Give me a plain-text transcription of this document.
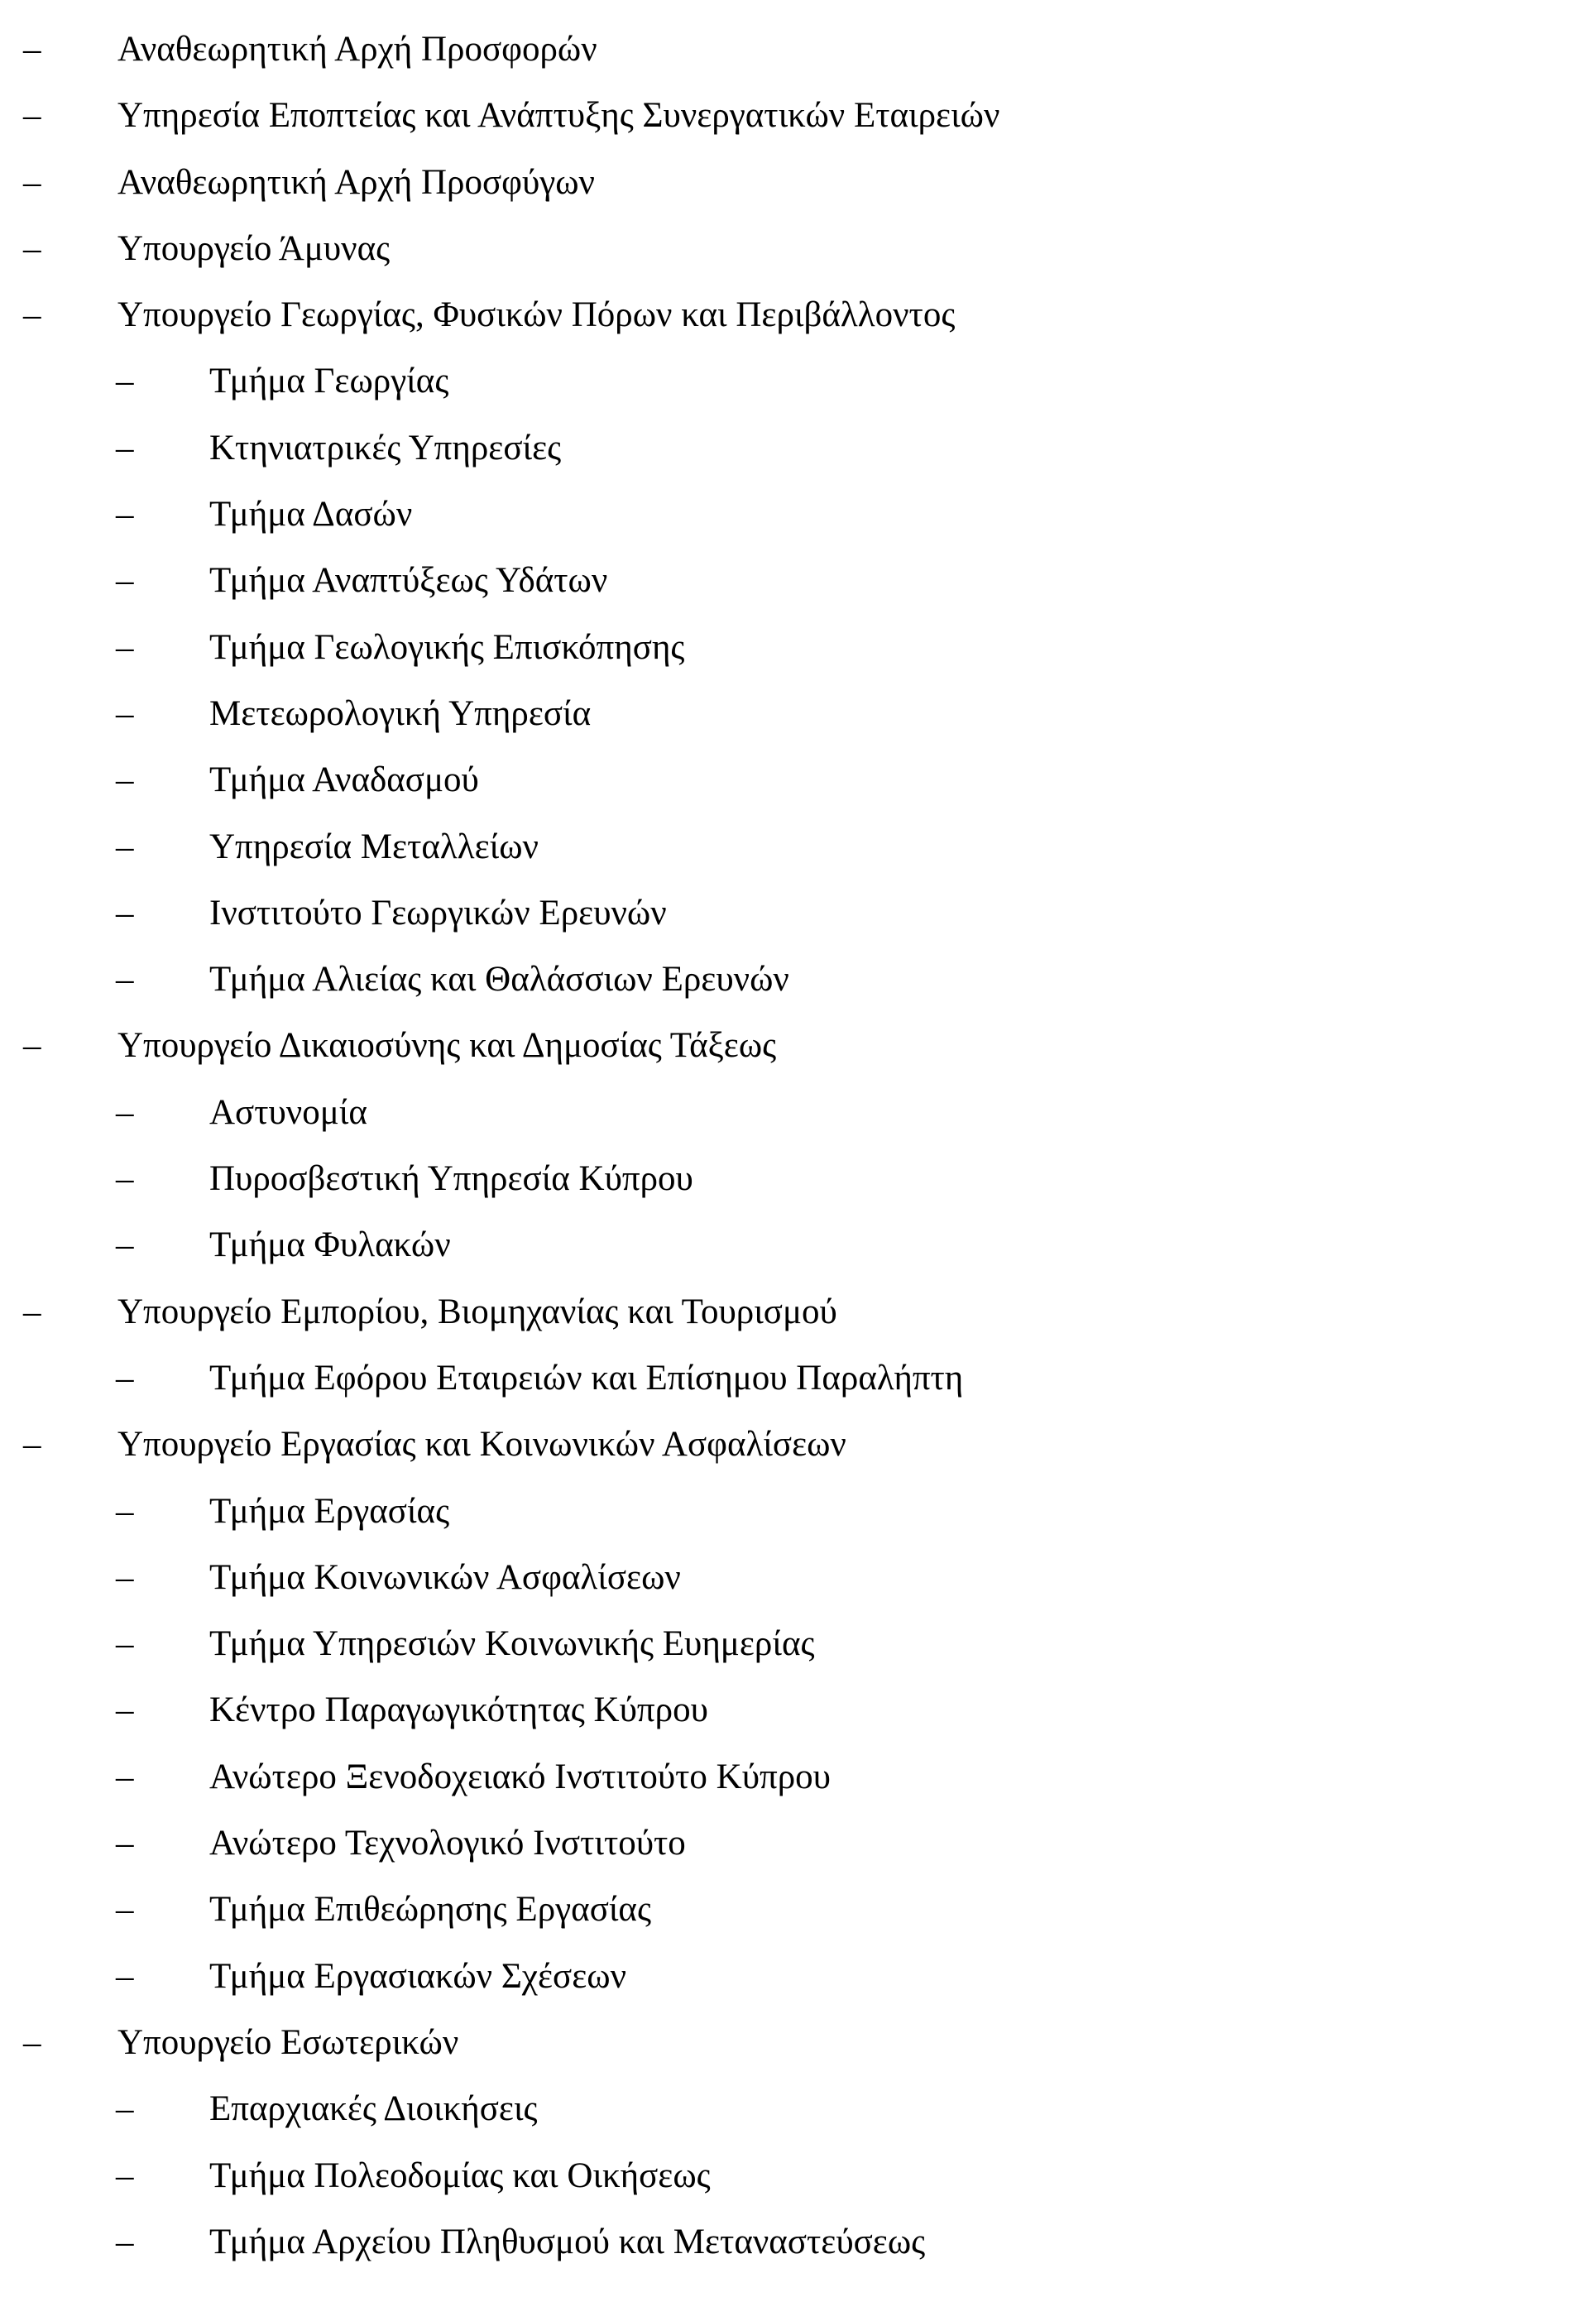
– Αναθεωρητική Αρχή Προσφορών
– Υπηρεσία Εποπτείας και Ανάπτυξης Συνεργατικών Εταιρειών
– Αναθεωρητική Αρχή Προσφύγων
– Υπουργείο Άμυνας
– Υπουργείο Γεωργίας, Φυσικών Πόρων και Περιβάλλοντος
– Τμήμα Γεωργίας
– Κτηνιατρικές Υπηρεσίες
– Τμήμα Δασών
– Τμήμα Αναπτύξεως Υδάτων
– Τμήμα Γεωλογικής Επισκόπησης
– Μετεωρολογική Υπηρεσία
– Τμήμα Αναδασμού
– Υπηρεσία Μεταλλείων
– Ινστιτούτο Γεωργικών Ερευνών
– Τμήμα Αλιείας και Θαλάσσιων Ερευνών
– Υπουργείο Δικαιοσύνης και Δημοσίας Τάξεως
– Αστυνομία
– Πυροσβεστική Υπηρεσία Κύπρου
– Τμήμα Φυλακών
– Υπουργείο Εμπορίου, Βιομηχανίας και Τουρισμού
– Τμήμα Εφόρου Εταιρειών και Επίσημου Παραλήπτη
– Υπουργείο Εργασίας και Κοινωνικών Ασφαλίσεων
– Τμήμα Εργασίας
– Τμήμα Κοινωνικών Ασφαλίσεων
– Τμήμα Υπηρεσιών Κοινωνικής Ευημερίας
– Κέντρο Παραγωγικότητας Κύπρου
– Ανώτερο Ξενοδοχειακό Ινστιτούτο Κύπρου
– Ανώτερο Τεχνολογικό Ινστιτούτο
– Τμήμα Επιθεώρησης Εργασίας
– Τμήμα Εργασιακών Σχέσεων
– Υπουργείο Εσωτερικών
– Επαρχιακές Διοικήσεις
– Τμήμα Πολεοδομίας και Οικήσεως
– Τμήμα Αρχείου Πληθυσμού και Μεταναστεύσεως
